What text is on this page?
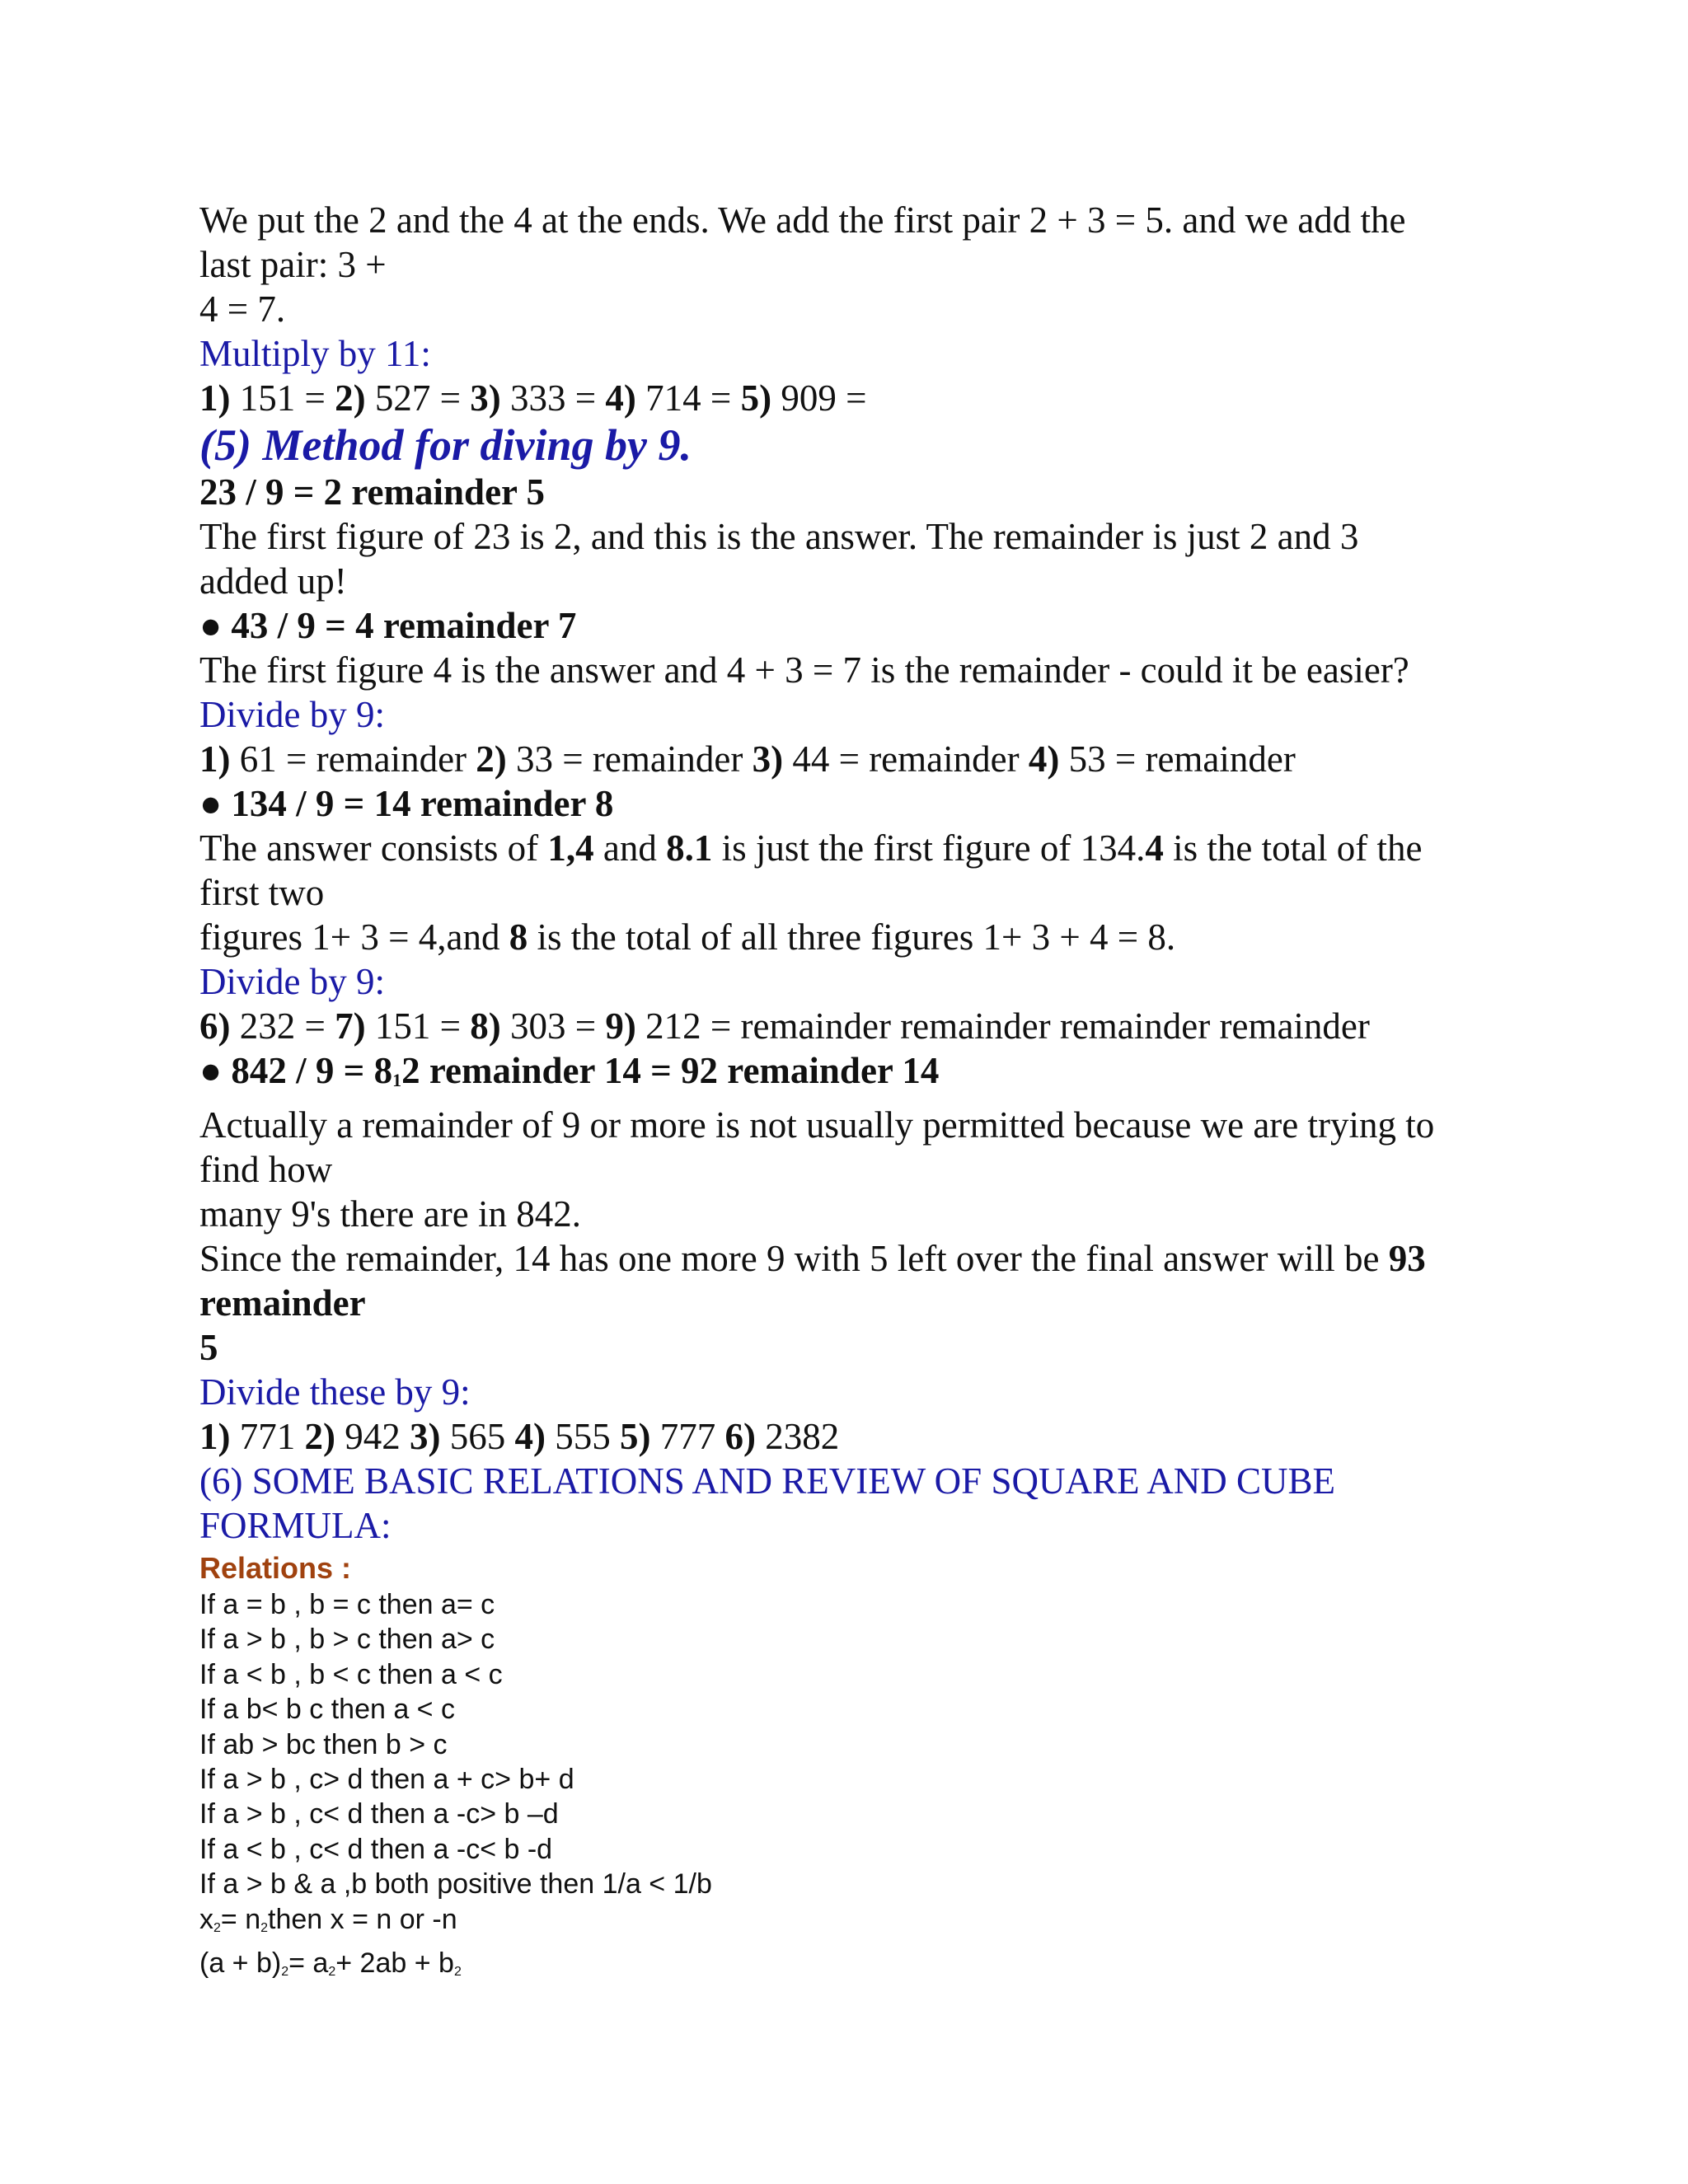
We put the 2 and the 4 at the ends. We add the first pair 2 + 3 = 5. and we add the
last pair: 3 +
4 = 7.
Multiply by 11:
1) 151 = 2) 527 = 3) 333 = 4) 714 = 5) 909 =
(5) Method for diving by 9.
23 / 9 = 2 remainder 5
The first figure of 23 is 2, and this is the answer. The remainder is just 2 and 3
added up!
● 43 / 9 = 4 remainder 7
The first figure 4 is the answer and 4 + 3 = 7 is the remainder - could it be easier?
Divide by 9:
1) 61 = remainder 2) 33 = remainder 3) 44 = remainder 4) 53 = remainder
● 134 / 9 = 14 remainder 8
The answer consists of 1,4 and 8.1 is just the first figure of 134.4 is the total of the
first two
figures 1+ 3 = 4,and 8 is the total of all three figures 1+ 3 + 4 = 8.
Divide by 9:
6) 232 = 7) 151 = 8) 303 = 9) 212 = remainder remainder remainder remainder
● 842 / 9 = 812 remainder 14 = 92 remainder 14
Actually a remainder of 9 or more is not usually permitted because we are trying to
find how
many 9's there are in 842.
Since the remainder, 14 has one more 9 with 5 left over the final answer will be 93
remainder
5
Divide these by 9:
1) 771 2) 942 3) 565 4) 555 5) 777 6) 2382
(6) SOME BASIC RELATIONS AND REVIEW OF SQUARE AND CUBE
FORMULA:
Relations :
If a = b , b = c then a= c
If a > b , b > c then a> c
If a < b , b < c then a < c
If a b< b c then a < c
If ab > bc then b > c
If a > b , c> d then a + c> b+ d
If a > b , c< d then a -c> b –d
If a < b , c< d then a -c< b -d
If a > b & a ,b both positive then 1/a < 1/b
$x_2=$ $n_2then$ x = n or -n
$(a + b)_2= a_2+ 2ab + b_2$
